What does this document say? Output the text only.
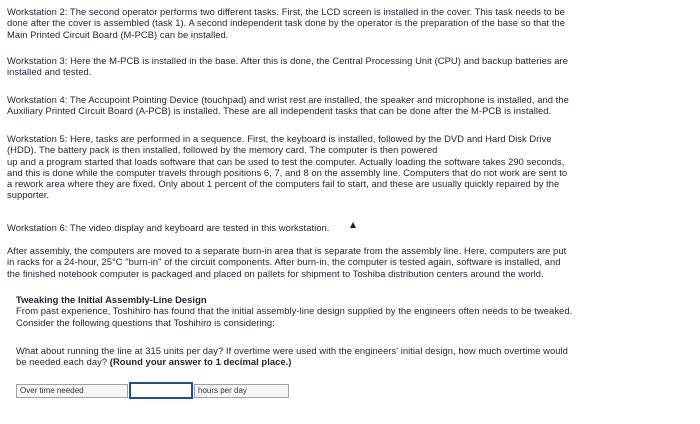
Workstation 2: The second operator performs two different tasks. First, the LCD screen is installed in the cover. This task needs to be
done after the cover is assembled (task 1). A second independent task done by the operator is the preparation of the base so that the
Main Printed Circuit Board (M-PCB) can be installed.

Workstation 3: Here the M-PCB is installed in the base. After this is done, the Central Processing Unit (CPU) and backup batteries are
installed and tested.

Workstation 4: The Accupoint Pointing Device (touchpad) and wrist rest are installed, the speaker and microphone is installed, and the
Auxiliary Printed Circuit Board (A-PCB) is installed. These are all independent tasks that can be done after the M-PCB is installed.

Workstation 5: Here, tasks are performed in a sequence. First, the keyboard is installed, followed by the DVD and Hard Disk Drive
(HDD). The battery pack is then installed, followed by the memory card. The computer is then powered
up and a program started that loads software that can be used to test the computer. Actually loading the software takes 290 seconds,
and this is done while the computer travels through positions 6, 7, and 8 on the assembly line. Computers that do not work are sent to
a rework area where they are fixed. Only about 1 percent of the computers fail to start, and these are usually quickly repaired by the
supporter.

Workstation 6: The video display and keyboard are tested in this workstation.

After assembly, the computers are moved to a separate burn-in area that is separate from the assembly line. Here, computers are put
in racks for a 24-hour, 25°C "burn-in" of the circuit components. After burn-in, the computer is tested again, software is installed, and
the finished notebook computer is packaged and placed on pallets for shipment to Toshiba distribution centers around the world.

Tweaking the Initial Assembly-Line Design
From past experience, Toshihiro has found that the initial assembly-line design supplied by the engineers often needs to be tweaked.
Consider the following questions that Toshihiro is considering:

What about running the line at 315 units per day? If overtime were used with the engineers' initial design, how much overtime would
be needed each day? (Round your answer to 1 decimal place.)

Over time needed	hours per day
